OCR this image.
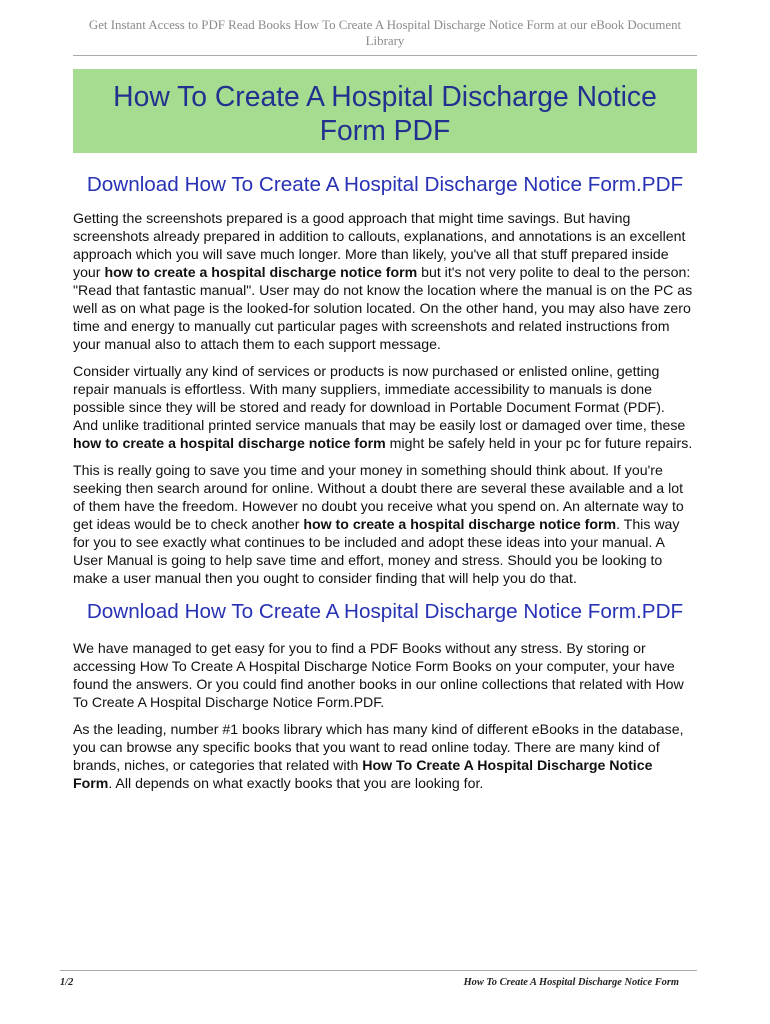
Get Instant Access to PDF Read Books How To Create A Hospital Discharge Notice Form at our eBook Document Library
How To Create A Hospital Discharge Notice Form PDF
Download How To Create A Hospital Discharge Notice Form.PDF
Getting the screenshots prepared is a good approach that might time savings. But having
screenshots already prepared in addition to callouts, explanations, and annotations is an excellent
approach which you will save much longer. More than likely, you've all that stuff prepared inside
your how to create a hospital discharge notice form but it's not very polite to deal to the person:
"Read that fantastic manual". User may do not know the location where the manual is on the PC as
well as on what page is the looked-for solution located. On the other hand, you may also have zero
time and energy to manually cut particular pages with screenshots and related instructions from
your manual also to attach them to each support message.
Consider virtually any kind of services or products is now purchased or enlisted online, getting
repair manuals is effortless. With many suppliers, immediate accessibility to manuals is done
possible since they will be stored and ready for download in Portable Document Format (PDF).
And unlike traditional printed service manuals that may be easily lost or damaged over time, these
how to create a hospital discharge notice form might be safely held in your pc for future repairs.
This is really going to save you time and your money in something should think about. If you're
seeking then search around for online. Without a doubt there are several these available and a lot
of them have the freedom. However no doubt you receive what you spend on. An alternate way to
get ideas would be to check another how to create a hospital discharge notice form. This way
for you to see exactly what continues to be included and adopt these ideas into your manual. A
User Manual is going to help save time and effort, money and stress. Should you be looking to
make a user manual then you ought to consider finding that will help you do that.
Download How To Create A Hospital Discharge Notice Form.PDF
We have managed to get easy for you to find a PDF Books without any stress. By storing or
accessing How To Create A Hospital Discharge Notice Form Books on your computer, your have
found the answers. Or you could find another books in our online collections that related with How
To Create A Hospital Discharge Notice Form.PDF.
As the leading, number #1 books library which has many kind of different eBooks in the database,
you can browse any specific books that you want to read online today. There are many kind of
brands, niches, or categories that related with How To Create A Hospital Discharge Notice
Form. All depends on what exactly books that you are looking for.
1/2	How To Create A Hospital Discharge Notice Form
